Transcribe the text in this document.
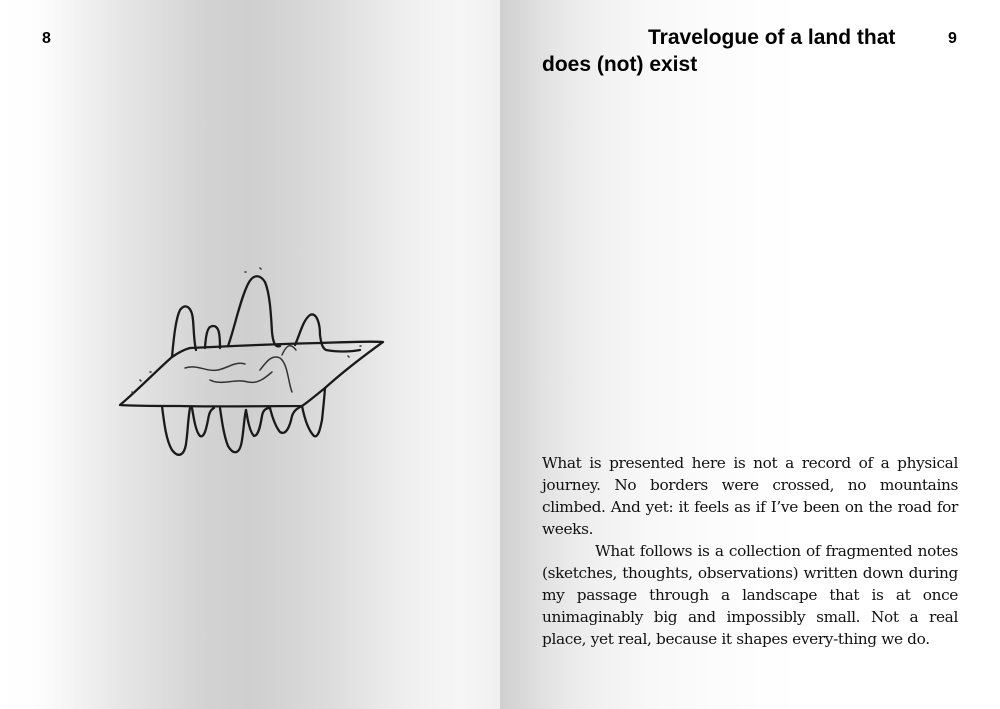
8	Travelogue of a land that does (not) exist
9

What is presented here is not a record of a physical journey. No borders were crossed, no mountains climbed. And yet: it feels as if I’ve been on the road for weeks.

What follows is a collection of fragmented notes (sketches, thoughts, observations) written down during my passage through a landscape that is at once unimaginably big and impossibly small. Not a real place, yet real, because it shapes every-thing we do.
